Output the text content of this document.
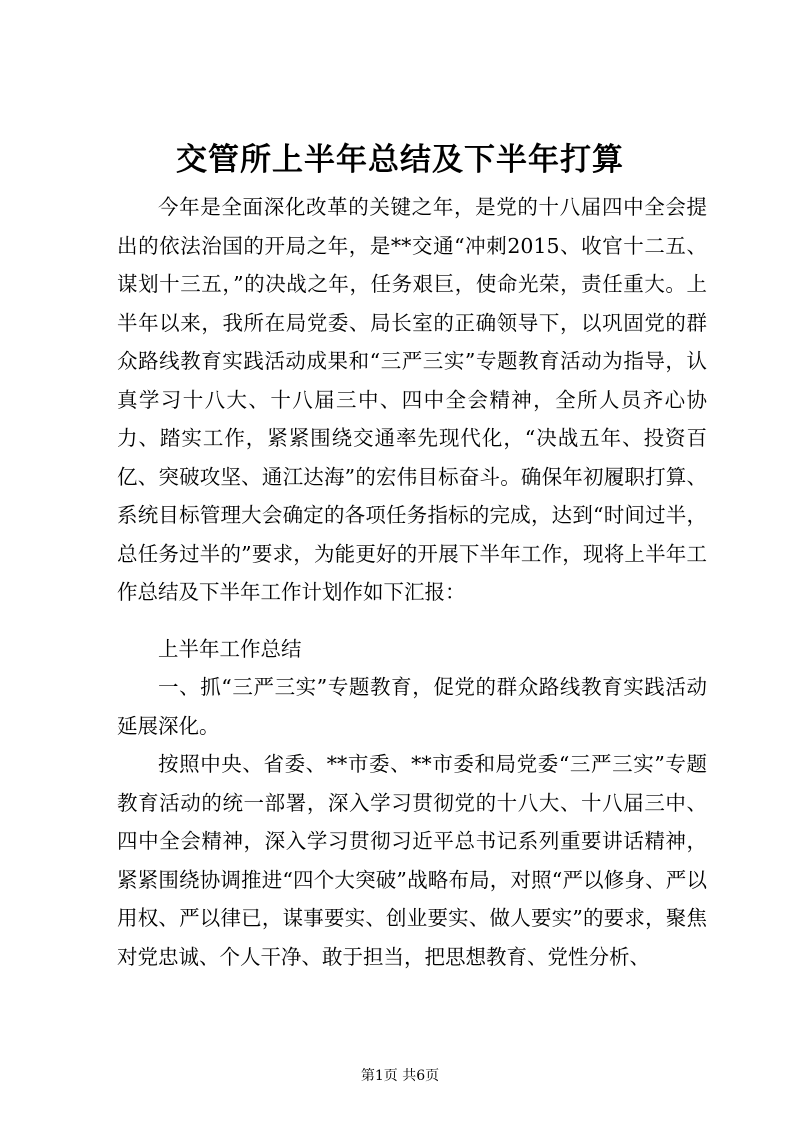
交管所上半年总结及下半年打算

今年是全面深化改革的关键之年，是党的十八届四中全会提出的依法治国的开局之年，是**交通“冲刺2015、收官十二五、谋划十三五，”的决战之年，任务艰巨，使命光荣，责任重大。上半年以来，我所在局党委、局长室的正确领导下，以巩固党的群众路线教育实践活动成果和“三严三实”专题教育活动为指导，认真学习十八大、十八届三中、四中全会精神，全所人员齐心协力、踏实工作，紧紧围绕交通率先现代化，“决战五年、投资百亿、突破攻坚、通江达海”的宏伟目标奋斗。确保年初履职打算、系统目标管理大会确定的各项任务指标的完成，达到“时间过半，总任务过半的”要求，为能更好的开展下半年工作，现将上半年工作总结及下半年工作计划作如下汇报：

上半年工作总结

一、抓“三严三实”专题教育，促党的群众路线教育实践活动延展深化。

按照中央、省委、**市委、**市委和局党委“三严三实”专题教育活动的统一部署，深入学习贯彻党的十八大、十八届三中、四中全会精神，深入学习贯彻习近平总书记系列重要讲话精神，紧紧围绕协调推进“四个大突破”战略布局，对照“严以修身、严以用权、严以律已，谋事要实、创业要实、做人要实”的要求，聚焦对党忠诚、个人干净、敢于担当，把思想教育、党性分析、

第1页 共6页
